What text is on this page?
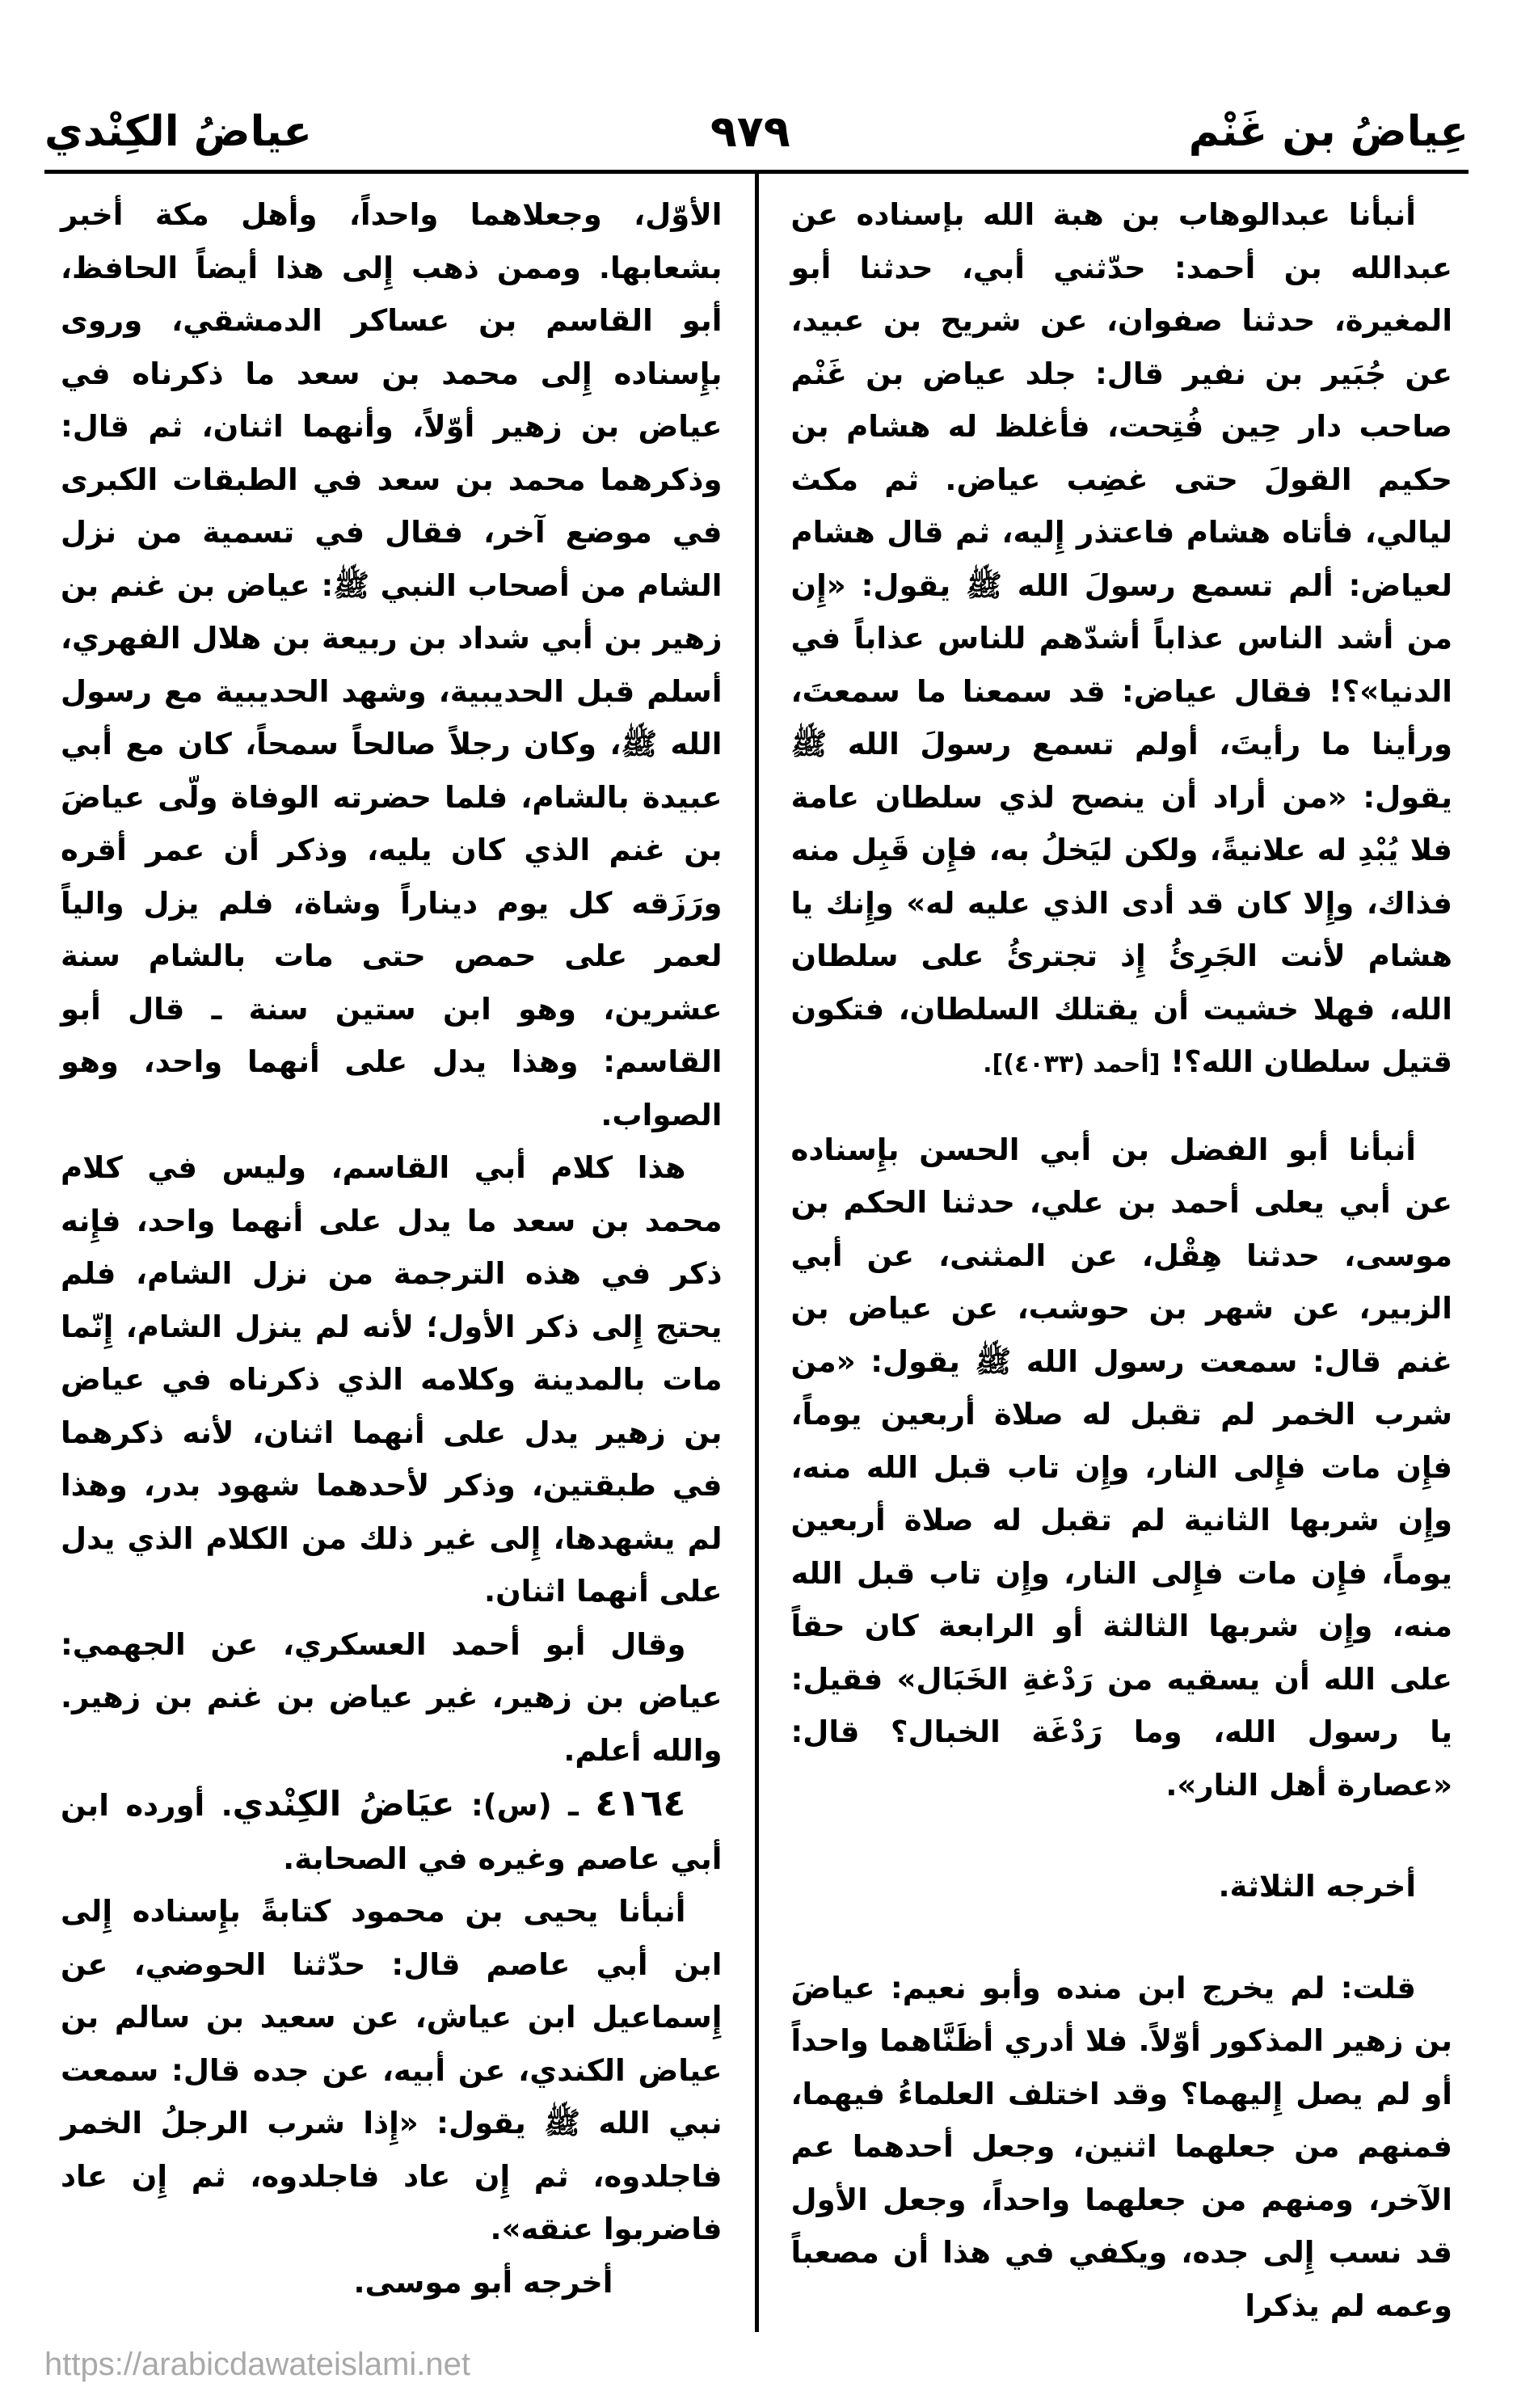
عِياضُ بن غَنْم
٩٧٩
عياضُ الكِنْدي

أنبأنا عبدالوهاب بن هبة الله بإسناده عن عبدالله بن أحمد: حدّثني أبي، حدثنا أبو المغيرة، حدثنا صفوان، عن شريح بن عبيد، عن جُبَير بن نفير قال: جلد عياض بن غَنْم صاحب دار حِين فُتِحت، فأغلظ له هشام بن حكيم القولَ حتى غضِب عياض. ثم مكث ليالي، فأتاه هشام فاعتذر إِليه، ثم قال هشام لعياض: ألم تسمع رسولَ الله ﷺ يقول: «إِن من أشد الناس عذاباً أشدّهم للناس عذاباً في الدنيا»؟! فقال عياض: قد سمعنا ما سمعتَ، ورأينا ما رأيتَ، أولم تسمع رسولَ الله ﷺ يقول: «من أراد أن ينصح لذي سلطان عامة فلا يُبْدِ له علانيةً، ولكن ليَخلُ به، فإِن قَبِل منه فذاك، وإِلا كان قد أدى الذي عليه له» وإِنك يا هشام لأنت الجَرِئُ إِذ تجترئُ على سلطان الله، فهلا خشيت أن يقتلك السلطان، فتكون قتيل سلطان الله؟! [أحمد (٤٠٣٣)].

أنبأنا أبو الفضل بن أبي الحسن بإِسناده عن أبي يعلى أحمد بن علي، حدثنا الحكم بن موسى، حدثنا هِقْل، عن المثنى، عن أبي الزبير، عن شهر بن حوشب، عن عياض بن غنم قال: سمعت رسول الله ﷺ يقول: «من شرب الخمر لم تقبل له صلاة أربعين يوماً، فإِن مات فإِلى النار، وإِن تاب قبل الله منه، وإِن شربها الثانية لم تقبل له صلاة أربعين يوماً، فإِن مات فإِلى النار، وإِن تاب قبل الله منه، وإِن شربها الثالثة أو الرابعة كان حقاً على الله أن يسقيه من رَدْغةِ الخَبَال» فقيل: يا رسول الله، وما رَدْغَة الخبال؟ قال: «عصارة أهل النار».

أخرجه الثلاثة.

قلت: لم يخرج ابن منده وأبو نعيم: عياضَ بن زهير المذكور أوّلاً. فلا أدري أظَنَّاهما واحداً أو لم يصل إِليهما؟ وقد اختلف العلماءُ فيهما، فمنهم من جعلهما اثنين، وجعل أحدهما عم الآخر، ومنهم من جعلهما واحداً، وجعل الأول قد نسب إِلى جده، ويكفي في هذا أن مصعباً وعمه لم يذكرا

الأوّل، وجعلاهما واحداً، وأهل مكة أخبر بشعابها. وممن ذهب إِلى هذا أيضاً الحافظ، أبو القاسم بن عساكر الدمشقي، وروى بإِسناده إِلى محمد بن سعد ما ذكرناه في عياض بن زهير أوّلاً، وأنهما اثنان، ثم قال: وذكرهما محمد بن سعد في الطبقات الكبرى في موضع آخر، فقال في تسمية من نزل الشام من أصحاب النبي ﷺ: عياض بن غنم بن زهير بن أبي شداد بن ربيعة بن هلال الفهري، أسلم قبل الحديبية، وشهد الحديبية مع رسول الله ﷺ، وكان رجلاً صالحاً سمحاً، كان مع أبي عبيدة بالشام، فلما حضرته الوفاة ولّى عياضَ بن غنم الذي كان يليه، وذكر أن عمر أقره ورَزَقه كل يوم ديناراً وشاة، فلم يزل والياً لعمر على حمص حتى مات بالشام سنة عشرين، وهو ابن ستين سنة ـ قال أبو القاسم: وهذا يدل على أنهما واحد، وهو الصواب.

هذا كلام أبي القاسم، وليس في كلام محمد بن سعد ما يدل على أنهما واحد، فإِنه ذكر في هذه الترجمة من نزل الشام، فلم يحتج إِلى ذكر الأول؛ لأنه لم ينزل الشام، إِنّما مات بالمدينة وكلامه الذي ذكرناه في عياض بن زهير يدل على أنهما اثنان، لأنه ذكرهما في طبقتين، وذكر لأحدهما شهود بدر، وهذا لم يشهدها، إِلى غير ذلك من الكلام الذي يدل على أنهما اثنان.

وقال أبو أحمد العسكري، عن الجهمي: عياض بن زهير، غير عياض بن غنم بن زهير. والله أعلم.

٤١٦٤ ـ (س): عيَاضُ الكِنْدي. أورده ابن أبي عاصم وغيره في الصحابة.

أنبأنا يحيى بن محمود كتابةً بإِسناده إِلى ابن أبي عاصم قال: حدّثنا الحوضي، عن إِسماعيل ابن عياش، عن سعيد بن سالم بن عياض الكندي، عن أبيه، عن جده قال: سمعت نبي الله ﷺ يقول: «إِذا شرب الرجلُ الخمر فاجلدوه، ثم إِن عاد فاجلدوه، ثم إِن عاد فاضربوا عنقه».

أخرجه أبو موسى.

https://arabicdawateislami.net
